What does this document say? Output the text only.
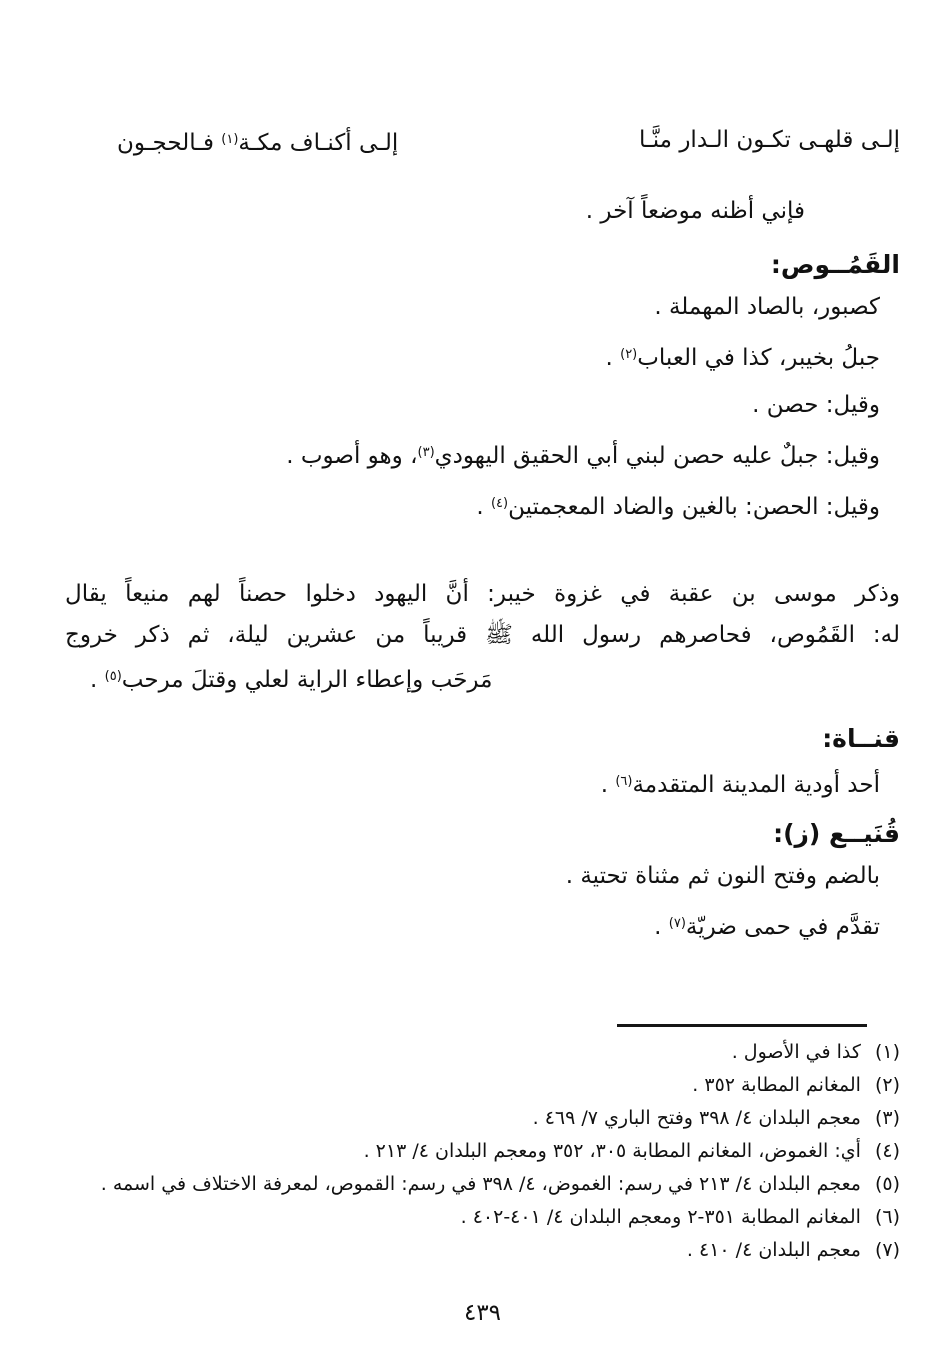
إلـى قلهـى تكـون الـدار منَّـا
إلـى أكنـاف مكـة$^{(١)}$ فـالحجـون
فإني أظنه موضعاً آخر .
القَمُــوص:
كصبور، بالصاد المهملة .
جبلُ بخيبر، كذا في العباب$^{(٢)}$ .
وقيل: حصن .
وقيل: جبلٌ عليه حصن لبني أبي الحقيق اليهودي$^{(٣)}$، وهو أصوب .
وقيل: الحصن: بالغين والضاد المعجمتين$^{(٤)}$ .
وذكر موسى بن عقبة في غزوة خيبر: أنَّ اليهود دخلوا حصناً لهم منيعاً يقال
له: القَمُوص، فحاصرهم رسول الله ﷺ قريباً من عشرين ليلة، ثم ذكر خروج
مَرحَب وإعطاء الراية لعلي وقتلَ مرحب$^{(٥)}$ .
قنــاة:
أحد أودية المدينة المتقدمة$^{(٦)}$ .
قُنَيــع (ز):
بالضم وفتح النون ثم مثناة تحتية .
تقدَّم في حمى ضريّة$^{(٧)}$ .
(١)كذا في الأصول .
(٢)المغانم المطابة ٣٥٢ .
(٣)معجم البلدان ٤/ ٣٩٨ وفتح الباري ٧/ ٤٦٩ .
(٤)أي: الغموض، المغانم المطابة ٣٠٥، ٣٥٢ ومعجم البلدان ٤/ ٢١٣ .
(٥)معجم البلدان ٤/ ٢١٣ في رسم: الغموض، ٤/ ٣٩٨ في رسم: القموص، لمعرفة الاختلاف في اسمه .
(٦)المغانم المطابة ٣٥١-٢ ومعجم البلدان ٤/ ٤٠١-٤٠٢ .
(٧)معجم البلدان ٤/ ٤١٠ .
٤٣٩
